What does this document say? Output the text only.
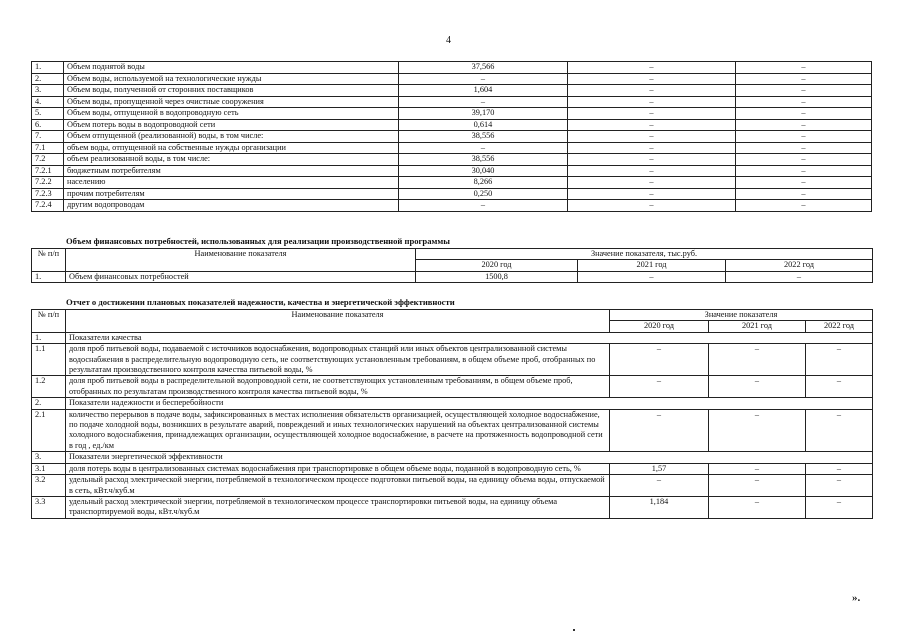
4
1.	Объем поднятой воды	37,566	–	–
2.	Объем воды, используемой на технологические нужды	–	–	–
3.	Объем воды, полученной от сторонних поставщиков	1,604	–	–
4.	Объем воды, пропущенной через очистные сооружения	–	–	–
5.	Объем воды, отпущенной в водопроводную сеть	39,170	–	–
6.	Объем потерь воды в водопроводной сети	0,614	–	–
7.	Объем отпущенной (реализованной) воды, в том числе:	38,556	–	–
7.1	объем воды, отпущенной на собственные нужды организации	–	–	–
7.2	объем реализованной воды, в том числе:	38,556	–	–
7.2.1	бюджетным потребителям	30,040	–	–
7.2.2	населению	8,266	–	–
7.2.3	прочим потребителям	0,250	–	–
7.2.4	другим водопроводам	–	–	–
Объем финансовых потребностей, использованных для реализации производственной программы
№ п/п	Наименование показателя	Значение показателя, тыс.руб.		
		2020 год	2021 год	2022 год
1.	Объем финансовых потребностей	1500,8	–	–
Отчет о достижении плановых показателей надежности, качества и энергетической эффективности
№ п/п	Наименование показателя	Значение показателя		
		2020 год	2021 год	2022 год
1.	Показатели качества			
1.1	доля проб питьевой воды, подаваемой с источников водоснабжения, водопроводных станций или иных объектов централизованной системы водоснабжения в распределительную водопроводную сеть, не соответствующих установленным требованиям, в общем объеме проб, отобранных по результатам производственного контроля качества питьевой воды, %	–	–	–
1.2	доля проб питьевой воды в распределительной водопроводной сети, не соответствующих установленным требованиям, в общем объеме проб, отобранных по результатам производственного контроля качества питьевой воды, %	–	–	–
2.	Показатели надежности и бесперебойности			
2.1	количество перерывов в подаче воды, зафиксированных в местах исполнения обязательств организацией, осуществляющей холодное водоснабжение, по подаче холодной воды, возникших в результате аварий, повреждений и иных технологических нарушений на объектах централизованной системы холодного водоснабжения, принадлежащих организации, осуществляющей холодное водоснабжение, в расчете на протяженность водопроводной сети в год , ед./км	–	–	–
3.	Показатели энергетической эффективности			
3.1	доля потерь воды в централизованных системах водоснабжения при транспортировке в общем объеме воды, поданной в водопроводную сеть, %	1,57	–	–
3.2	удельный расход электрической энергии, потребляемой в технологическом процессе подготовки питьевой воды, на единицу объема воды, отпускаемой в сеть, кВт.ч/куб.м	–	–	–
3.3	удельный расход электрической энергии, потребляемой в технологическом процессе транспортировки питьевой воды, на единицу объема транспортируемой воды, кВт.ч/куб.м	1,184	–	–
».
